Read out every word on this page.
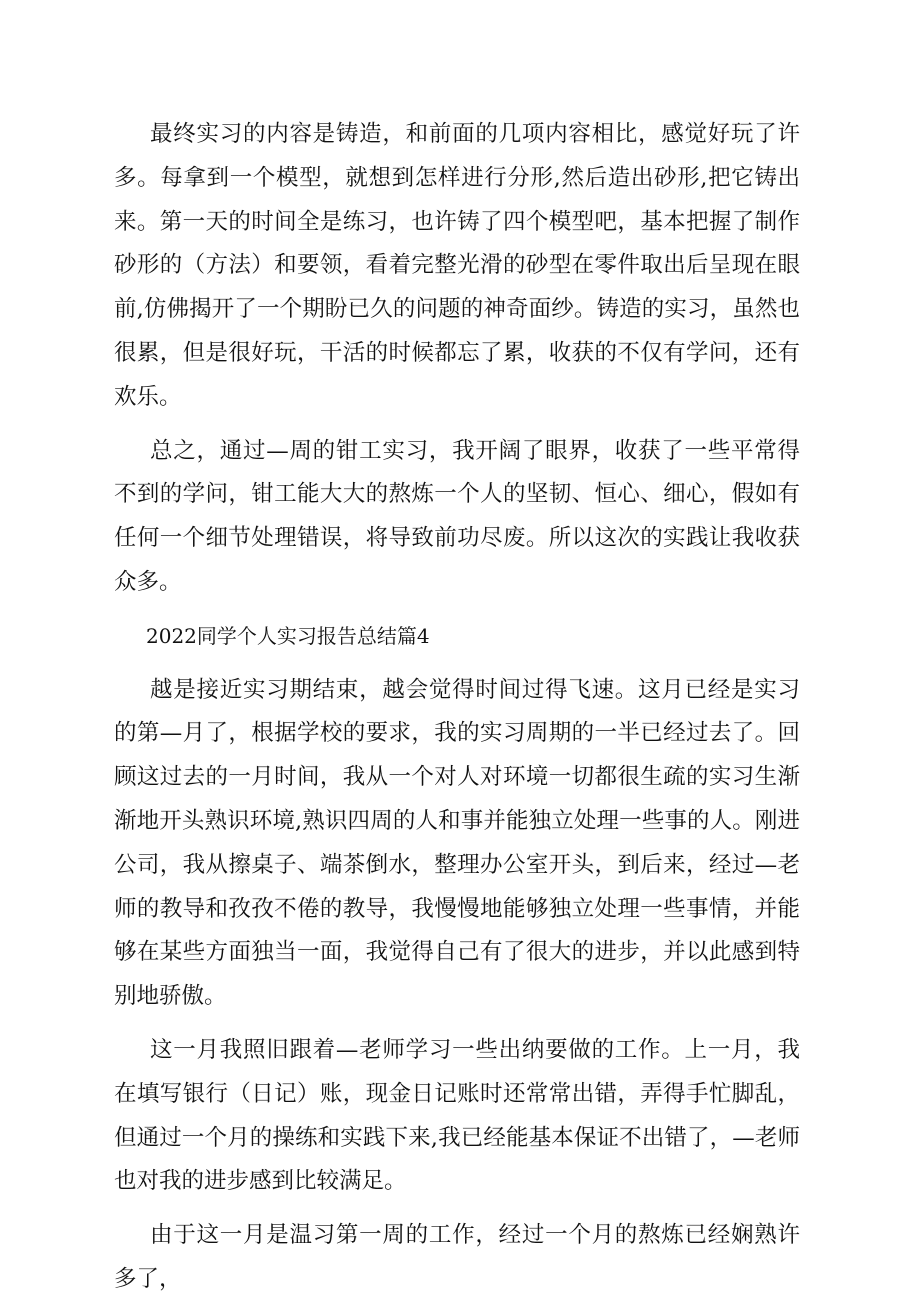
最终实习的内容是铸造，和前面的几项内容相比，感觉好玩了许多。每拿到一个模型，就想到怎样进行分形,然后造出砂形,把它铸出来。第一天的时间全是练习，也许铸了四个模型吧，基本把握了制作砂形的（方法）和要领，看着完整光滑的砂型在零件取出后呈现在眼前,仿佛揭开了一个期盼已久的问题的神奇面纱。铸造的实习，虽然也很累，但是很好玩，干活的时候都忘了累，收获的不仅有学问，还有欢乐。

总之，通过—周的钳工实习，我开阔了眼界，收获了一些平常得不到的学问，钳工能大大的熬炼一个人的坚韧、恒心、细心，假如有任何一个细节处理错误，将导致前功尽废。所以这次的实践让我收获众多。

2022同学个人实习报告总结篇4

越是接近实习期结束，越会觉得时间过得飞速。这月已经是实习的第—月了，根据学校的要求，我的实习周期的一半已经过去了。回顾这过去的一月时间，我从一个对人对环境一切都很生疏的实习生渐渐地开头熟识环境,熟识四周的人和事并能独立处理一些事的人。刚进公司，我从擦桌子、端茶倒水，整理办公室开头，到后来，经过—老师的教导和孜孜不倦的教导，我慢慢地能够独立处理一些事情，并能够在某些方面独当一面，我觉得自己有了很大的进步，并以此感到特别地骄傲。

这一月我照旧跟着—老师学习一些出纳要做的工作。上一月，我在填写银行（日记）账，现金日记账时还常常出错，弄得手忙脚乱，但通过一个月的操练和实践下来,我已经能基本保证不出错了，—老师也对我的进步感到比较满足。

由于这一月是温习第一周的工作，经过一个月的熬炼已经娴熟许多了，
